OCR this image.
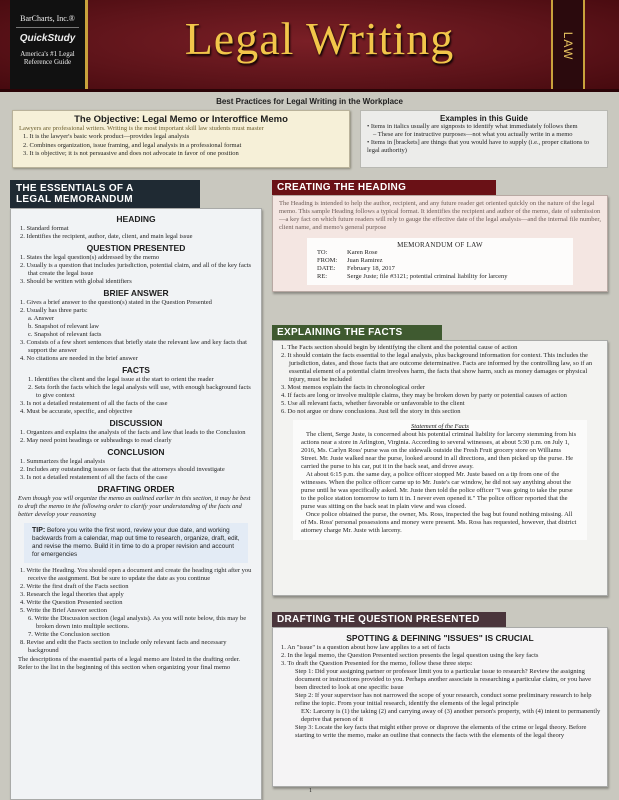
BarCharts, Inc.®
QuickStudy
America's #1 Legal
Reference Guide	Legal Writing	LAW
Best Practices for Legal Writing in the Workplace
The Objective: Legal Memo or Interoffice Memo
Lawyers are professional writers. Writing is the most important skill law students must master
1. It is the lawyer's basic work product—provides legal analysis
2. Combines organization, issue framing, and legal analysis in a professional format
3. It is objective; it is not persuasive and does not advocate in favor of one position
Examples in this Guide

• Items in italics usually are signposts to identify what immediately follows them

– These are for instructive purposes—not what you actually write in a memo

• Items in [brackets] are things that you would have to supply (i.e., proper citations to legal authority)

THE ESSENTIALS OF A
LEGAL MEMORANDUM
HEADING
1. Standard format
2. Identifies the recipient, author, date, client, and main legal issue
QUESTION PRESENTED
1. States the legal question(s) addressed by the memo
2. Usually is a question that includes jurisdiction, potential claim, and all of the key facts that create the legal issue
3. Should be written with global identifiers
BRIEF ANSWER
1. Gives a brief answer to the question(s) stated in the Question Presented
2. Usually has three parts:
a. Answer
b. Snapshot of relevant law
c. Snapshot of relevant facts
3. Consists of a few short sentences that briefly state the relevant law and key facts that support the answer
4. No citations are needed in the brief answer
FACTS
1. Identifies the client and the legal issue at the start to orient the reader
2. Sets forth the facts which the legal analysis will use, with enough background facts to give context
3. Is not a detailed restatement of all the facts of the case
4. Must be accurate, specific, and objective
DISCUSSION
1. Organizes and explains the analysis of the facts and law that leads to the Conclusion
2. May need point headings or subheadings to read clearly
CONCLUSION
1. Summarizes the legal analysis
2. Includes any outstanding issues or facts that the attorneys should investigate
3. Is not a detailed restatement of all the facts of the case
DRAFTING ORDER
Even though you will organize the memo as outlined earlier in this section, it may be best to draft the memo in the following order to clarify your understanding of the facts and better develop your reasoning
TIP: Before you write the first word, review your due date, and working backwards from a calendar, map out time to research, organize, draft, edit, and revise the memo. Build it in time to do a proper revision and account for emergencies
1. Write the Heading. You should open a document and create the heading right after you receive the assignment. But be sure to update the date as you continue
2. Write the first draft of the Facts section
3. Research the legal theories that apply
4. Write the Question Presented section
5. Write the Brief Answer section
6. Write the Discussion section (legal analysis). As you will note below, this may be broken down into multiple sections.
7. Write the Conclusion section
8. Revise and edit the Facts section to include only relevant facts and necessary background
The descriptions of the essential parts of a legal memo are listed in the drafting order. Refer to the list in the beginning of this section when organizing your final memo
CREATING THE HEADING
The Heading is intended to help the author, recipient, and any future reader get oriented quickly on the nature of the legal memo. This sample Heading follows a typical format. It identifies the recipient and author of the memo, date of submission—a key fact on which future readers will rely to gauge the effective date of the legal analysis—and the internal file number, client name, and memo's general purpose
MEMORANDUM OF LAW
TO:	Karen Rose
FROM:	Juan Ramirez
DATE:	February 18, 2017
RE:	Serge Juste; file #3121; potential criminal liability for larceny
EXPLAINING THE FACTS
1. The Facts section should begin by identifying the client and the potential cause of action
2. It should contain the facts essential to the legal analysis, plus background information for context. This includes the jurisdiction, dates, and those facts that are outcome determinative. Facts are informed by the controlling law, so if an essential element of a potential claim involves harm, the facts that show harm, such as money damages or physical injury, must be included
3. Most memos explain the facts in chronological order
4. If facts are long or involve multiple claims, they may be broken down by party or potential causes of action
5. Use all relevant facts, whether favorable or unfavorable to the client
6. Do not argue or draw conclusions. Just tell the story in this section
Statement of the Facts

The client, Serge Juste, is concerned about his potential criminal liability for larceny stemming from his actions near a store in Arlington, Virginia. According to several witnesses, at about 5:30 p.m. on July 1, 2016, Ms. Carlyn Ross' purse was on the sidewalk outside the Fresh Fruit grocery store on Williams Street. Mr. Juste walked near the purse, looked around in all directions, and then picked up the purse. He carried the purse to his car, put it in the back seat, and drove away.

At about 6:15 p.m. the same day, a police officer stopped Mr. Juste based on a tip from one of the witnesses. When the police officer came up to Mr. Juste's car window, he did not say anything about the purse until he was specifically asked. Mr. Juste then told the police officer "I was going to take the purse to the police station tomorrow to turn it in. I never even opened it." The police officer reported that the purse was sitting on the back seat in plain view and was closed.

Once police obtained the purse, the owner, Ms. Ross, inspected the bag but found nothing missing. All of Ms. Ross' personal possessions and money were present. Ms. Ross has requested, however, that district attorney charge Mr. Juste with larceny.

DRAFTING THE QUESTION PRESENTED
SPOTTING & DEFINING "ISSUES" IS CRUCIAL
1. An "issue" is a question about how law applies to a set of facts
2. In the legal memo, the Question Presented section presents the legal question using the key facts
3. To draft the Question Presented for the memo, follow these three steps:
Step 1: Did your assigning partner or professor limit you to a particular issue to research? Review the assigning document or instructions provided to you. Perhaps another associate is researching a particular claim, or you have been directed to look at one specific issue
Step 2: If your supervisor has not narrowed the scope of your research, conduct some preliminary research to help refine the topic. From your initial research, identify the elements of the legal principle
EX: Larceny is (1) the taking (2) and carrying away of (3) another person's property, with (4) intent to permanently deprive that person of it
Step 3: Locate the key facts that might either prove or disprove the elements of the crime or legal theory. Before starting to write the memo, make an outline that connects the facts with the elements of the legal theory
1
